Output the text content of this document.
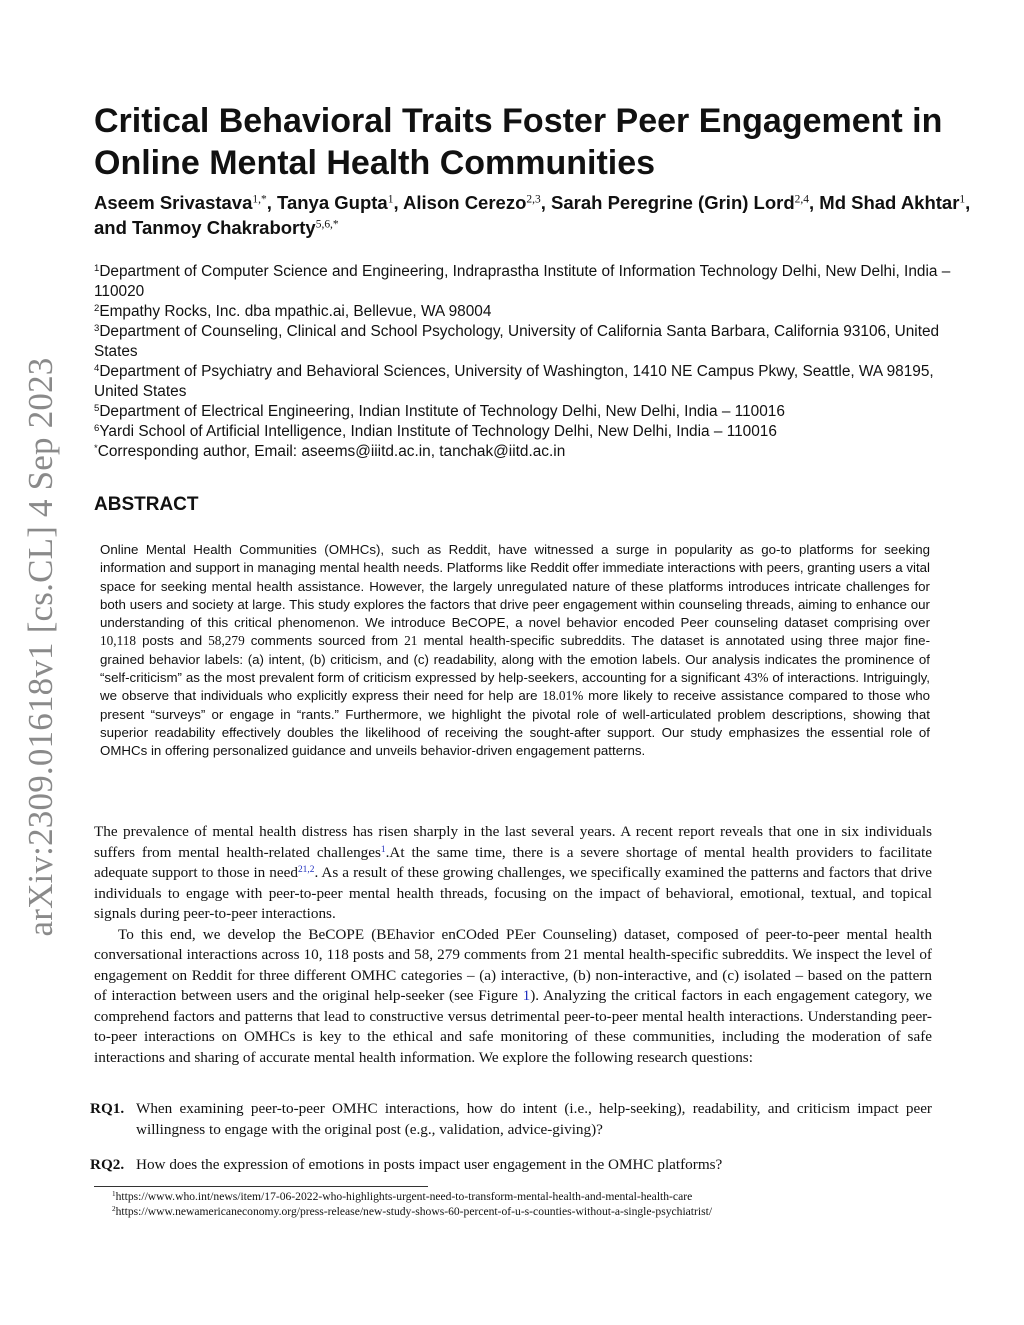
arXiv:2309.01618v1 [cs.CL] 4 Sep 2023
Critical Behavioral Traits Foster Peer Engagement in Online Mental Health Communities
Aseem Srivastava$^{1,*}$, Tanya Gupta$^1$, Alison Cerezo$^{2,3}$, Sarah Peregrine (Grin) Lord$^{2,4}$, Md Shad Akhtar$^1$, and Tanmoy Chakraborty$^{5,6,*}$

$^1$Department of Computer Science and Engineering, Indraprastha Institute of Information Technology Delhi, New Delhi, India – 110020

$^2$Empathy Rocks, Inc. dba mpathic.ai, Bellevue, WA 98004

$^3$Department of Counseling, Clinical and School Psychology, University of California Santa Barbara, California 93106, United States

$^4$Department of Psychiatry and Behavioral Sciences, University of Washington, 1410 NE Campus Pkwy, Seattle, WA 98195, United States

$^5$Department of Electrical Engineering, Indian Institute of Technology Delhi, New Delhi, India – 110016

$^6$Yardi School of Artificial Intelligence, Indian Institute of Technology Delhi, New Delhi, India – 110016

*Corresponding author, Email: aseems@iiitd.ac.in, tanchak@iitd.ac.in

ABSTRACT

Online Mental Health Communities (OMHCs), such as Reddit, have witnessed a surge in popularity as go-to platforms for seeking information and support in managing mental health needs. Platforms like Reddit offer immediate interactions with peers, granting users a vital space for seeking mental health assistance. However, the largely unregulated nature of these platforms introduces intricate challenges for both users and society at large. This study explores the factors that drive peer engagement within counseling threads, aiming to enhance our understanding of this critical phenomenon. We introduce BeCOPE, a novel behavior encoded Peer counseling dataset comprising over 10,118 posts and 58,279 comments sourced from 21 mental health-specific subreddits. The dataset is annotated using three major fine-grained behavior labels: (a) intent, (b) criticism, and (c) readability, along with the emotion labels. Our analysis indicates the prominence of “self-criticism” as the most prevalent form of criticism expressed by help-seekers, accounting for a significant 43% of interactions. Intriguingly, we observe that individuals who explicitly express their need for help are 18.01% more likely to receive assistance compared to those who present “surveys” or engage in “rants.” Furthermore, we highlight the pivotal role of well-articulated problem descriptions, showing that superior readability effectively doubles the likelihood of receiving the sought-after support. Our study emphasizes the essential role of OMHCs in offering personalized guidance and unveils behavior-driven engagement patterns.

The prevalence of mental health distress has risen sharply in the last several years. A recent report reveals that one in six individuals suffers from mental health-related challenges$^1$.At the same time, there is a severe shortage of mental health providers to facilitate adequate support to those in need$^{21,2}$. As a result of these growing challenges, we specifically examined the patterns and factors that drive individuals to engage with peer-to-peer mental health threads, focusing on the impact of behavioral, emotional, textual, and topical signals during peer-to-peer interactions.

To this end, we develop the BeCOPE (BEhavior enCOded PEer Counseling) dataset, composed of peer-to-peer mental health conversational interactions across 10, 118 posts and 58, 279 comments from 21 mental health-specific subreddits. We inspect the level of engagement on Reddit for three different OMHC categories – (a) interactive, (b) non-interactive, and (c) isolated – based on the pattern of interaction between users and the original help-seeker (see Figure 1). Analyzing the critical factors in each engagement category, we comprehend factors and patterns that lead to constructive versus detrimental peer-to-peer mental health interactions. Understanding peer-to-peer interactions on OMHCs is key to the ethical and safe monitoring of these communities, including the moderation of safe interactions and sharing of accurate mental health information. We explore the following research questions:

RQ1. When examining peer-to-peer OMHC interactions, how do intent (i.e., help-seeking), readability, and criticism impact peer willingness to engage with the original post (e.g., validation, advice-giving)?
RQ2. How does the expression of emotions in posts impact user engagement in the OMHC platforms?

$^1$https://www.who.int/news/item/17-06-2022-who-highlights-urgent-need-to-transform-mental-health-and-mental-health-care

$^2$https://www.newamericaneconomy.org/press-release/new-study-shows-60-percent-of-u-s-counties-without-a-single-psychiatrist/
